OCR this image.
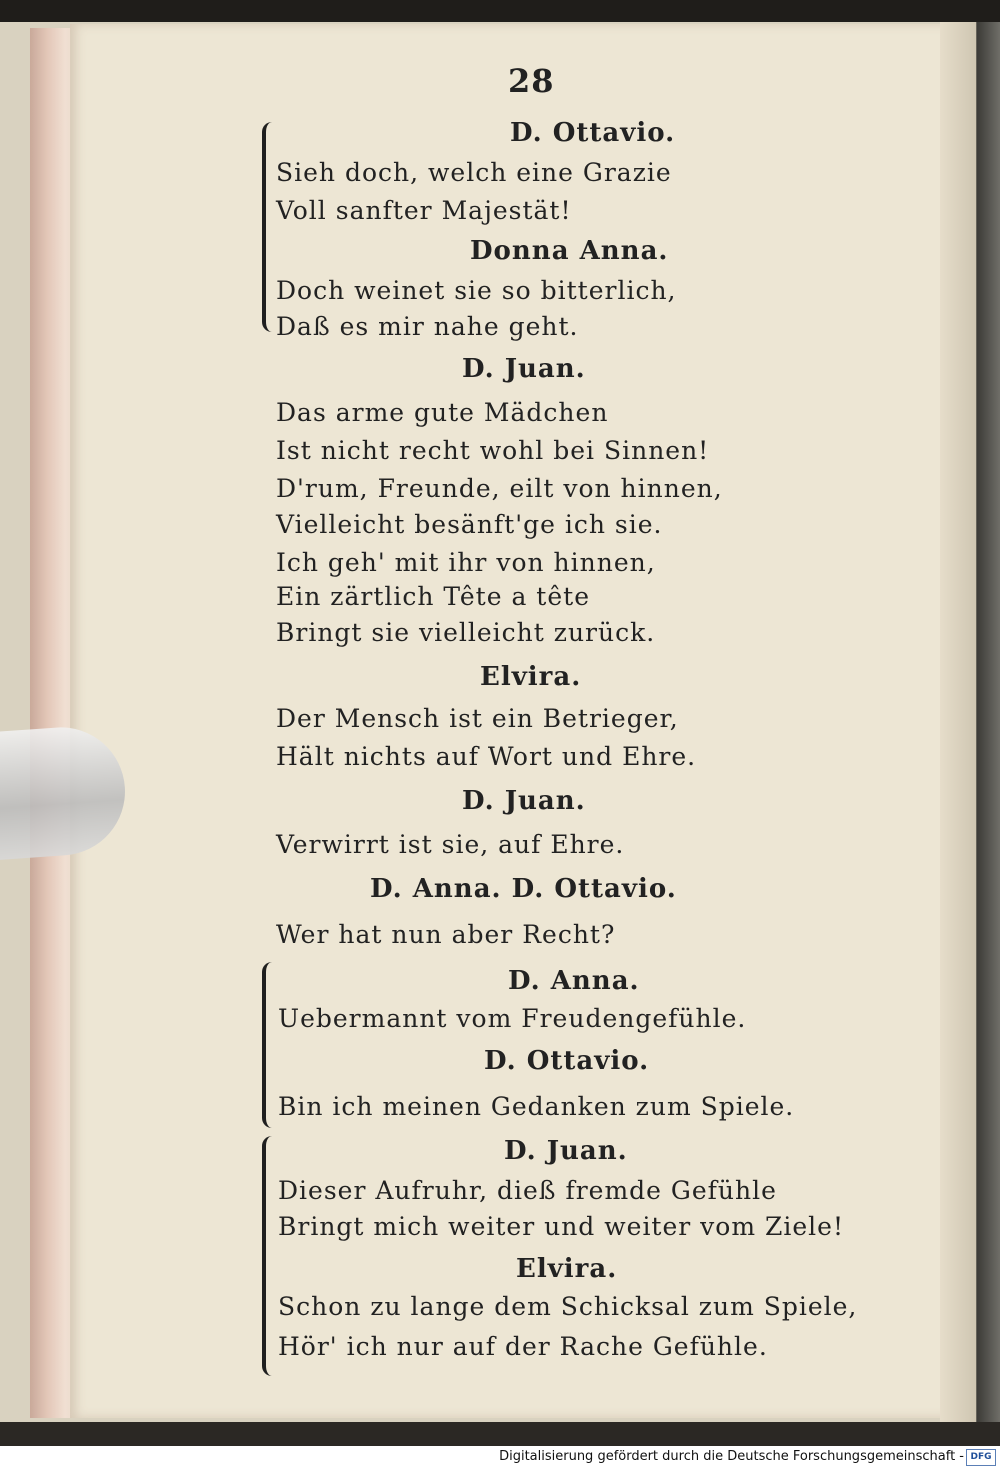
28
D. Ottavio.
Sieh doch, welch eine Grazie
Voll sanfter Majestät!
Donna Anna.
Doch weinet sie so bitterlich,
Daß es mir nahe geht.
D. Juan.
Das arme gute Mädchen
Ist nicht recht wohl bei Sinnen!
D'rum, Freunde, eilt von hinnen,
Vielleicht besänft'ge ich sie.
Ich geh' mit ihr von hinnen,
Ein zärtlich Tête a tête
Bringt sie vielleicht zurück.
Elvira.
Der Mensch ist ein Betrieger,
Hält nichts auf Wort und Ehre.
D. Juan.
Verwirrt ist sie, auf Ehre.
D. Anna. D. Ottavio.
Wer hat nun aber Recht?
D. Anna.
Uebermannt vom Freudengefühle.
D. Ottavio.
Bin ich meinen Gedanken zum Spiele.
D. Juan.
Dieser Aufruhr, dieß fremde Gefühle
Bringt mich weiter und weiter vom Ziele!
Elvira.
Schon zu lange dem Schicksal zum Spiele,
Hör' ich nur auf der Rache Gefühle.
Digitalisierung gefördert durch die Deutsche Forschungsgemeinschaft - DFG
